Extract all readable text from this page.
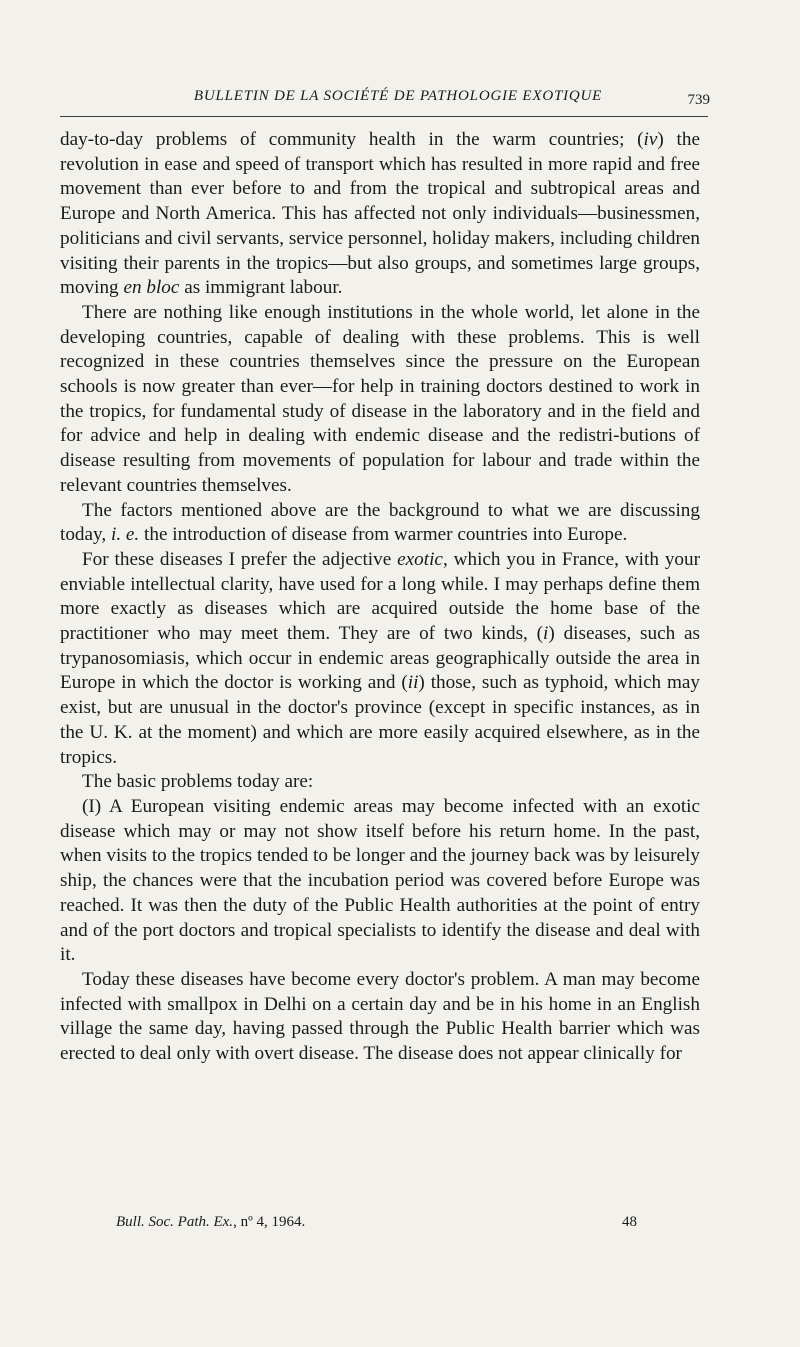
BULLETIN DE LA SOCIÉTÉ DE PATHOLOGIE EXOTIQUE	739

day-to-day problems of community health in the warm countries; (iv) the revolution in ease and speed of transport which has resulted in more rapid and free movement than ever before to and from the tropical and subtropical areas and Europe and North America. This has affected not only individuals—businessmen, politicians and civil servants, service personnel, holiday makers, including children visiting their parents in the tropics—but also groups, and sometimes large groups, moving en bloc as immigrant labour.

There are nothing like enough institutions in the whole world, let alone in the developing countries, capable of dealing with these problems. This is well recognized in these countries themselves since the pressure on the European schools is now greater than ever—for help in training doctors destined to work in the tropics, for fundamental study of disease in the laboratory and in the field and for advice and help in dealing with endemic disease and the redistri-butions of disease resulting from movements of population for labour and trade within the relevant countries themselves.

The factors mentioned above are the background to what we are discussing today, i. e. the introduction of disease from warmer countries into Europe.

For these diseases I prefer the adjective exotic, which you in France, with your enviable intellectual clarity, have used for a long while. I may perhaps define them more exactly as diseases which are acquired outside the home base of the practitioner who may meet them. They are of two kinds, (i) diseases, such as trypanosomiasis, which occur in endemic areas geographically outside the area in Europe in which the doctor is working and (ii) those, such as typhoid, which may exist, but are unusual in the doctor's province (except in specific instances, as in the U. K. at the moment) and which are more easily acquired elsewhere, as in the tropics.

The basic problems today are:

(I) A European visiting endemic areas may become infected with an exotic disease which may or may not show itself before his return home. In the past, when visits to the tropics tended to be longer and the journey back was by leisurely ship, the chances were that the incubation period was covered before Europe was reached. It was then the duty of the Public Health authorities at the point of entry and of the port doctors and tropical specialists to identify the disease and deal with it.

Today these diseases have become every doctor's problem. A man may become infected with smallpox in Delhi on a certain day and be in his home in an English village the same day, having passed through the Public Health barrier which was erected to deal only with overt disease. The disease does not appear clinically for

Bull. Soc. Path. Ex., nº 4, 1964.	48
